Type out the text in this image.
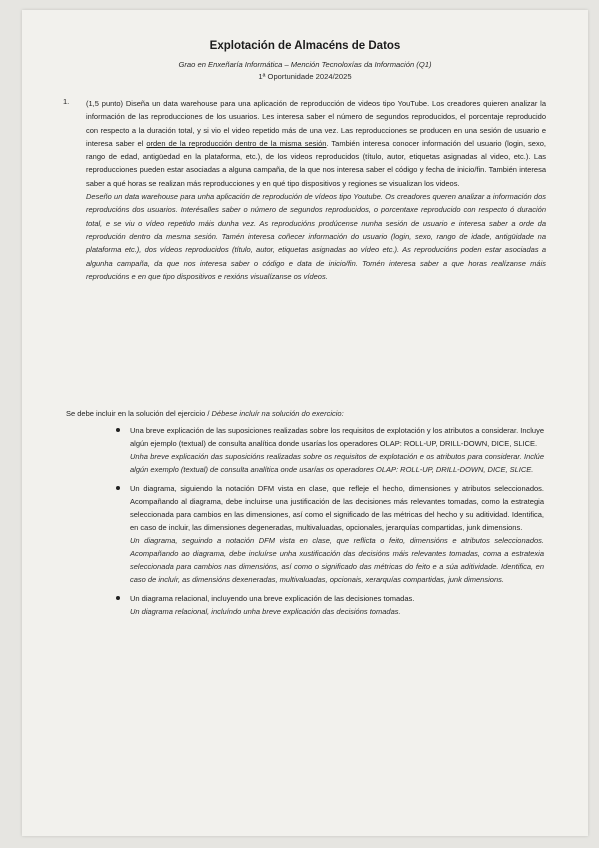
Explotación de Almacéns de Datos
Grao en Enxeñaría Informática – Mención Tecnoloxías da Información (Q1)
1ª Oportunidade 2024/2025
1. (1,5 punto) Diseña un data warehouse para una aplicación de reproducción de videos tipo YouTube. Los creadores quieren analizar la información de las reproducciones de los usuarios. Les interesa saber el número de segundos reproducidos, el porcentaje reproducido con respecto a la duración total, y si vio el video repetido más de una vez. Las reproducciones se producen en una sesión de usuario e interesa saber el orden de la reproducción dentro de la misma sesión. También interesa conocer información del usuario (login, sexo, rango de edad, antigüedad en la plataforma, etc.), de los videos reproducidos (título, autor, etiquetas asignadas al video, etc.). Las reproducciones pueden estar asociadas a alguna campaña, de la que nos interesa saber el código y fecha de inicio/fin. También interesa saber a qué horas se realizan más reproducciones y en qué tipo dispositivos y regiones se visualizan los videos.

Deseño un data warehouse para unha aplicación de reprodución de vídeos tipo Youtube. Os creadores queren analizar a información dos reproducións dos usuarios. Interésalles saber o número de segundos reproducidos, o porcentaxe reproducido con respecto ó duración total, e se viu o vídeo repetido máis dunha vez. As reproducións prodúcense nunha sesión de usuario e interesa saber a orde da reprodución dentro da mesma sesión. Tamén interesa coñecer información do usuario (login, sexo, rango de idade, antigüidade na plataforma etc.), dos vídeos reproducidos (título, autor, etiquetas asignadas ao vídeo etc.). As reproducións poden estar asociadas a algunha campaña, da que nos interesa saber o código e data de inicio/fin. Tomén interesa saber a que horas realízanse máis reproducións e en que tipo dispositivos e rexións visualízanse os vídeos.

Se debe incluir en la solución del ejercicio / Débese incluír na solución do exercicio:

Una breve explicación de las suposiciones realizadas sobre los requisitos de explotación y los atributos a considerar. Incluye algún ejemplo (textual) de consulta analítica donde usarías los operadores OLAP: ROLL-UP, DRILL-DOWN, DICE, SLICE.

Unha breve explicación das suposicións realizadas sobre os requisitos de explotación e os atributos para considerar. Inclúe algún exemplo (textual) de consulta analítica onde usarías os operadores OLAP: ROLL-UP, DRILL-DOWN, DICE, SLICE.

Un diagrama, siguiendo la notación DFM vista en clase, que refleje el hecho, dimensiones y atributos seleccionados. Acompañando al diagrama, debe incluirse una justificación de las decisiones más relevantes tomadas, como la estrategia seleccionada para cambios en las dimensiones, así como el significado de las métricas del hecho y su aditividad. Identifica, en caso de incluir, las dimensiones degeneradas, multivaluadas, opcionales, jerarquías compartidas, junk dimensions.

Un diagrama, seguindo a notación DFM vista en clase, que reflicta o feito, dimensións e atributos seleccionados. Acompañando ao diagrama, debe incluírse unha xustificación das decisións máis relevantes tomadas, coma a estratexia seleccionada para cambios nas dimensións, así como o significado das métricas do feito e a súa aditividade. Identifica, en caso de incluír, as dimensións dexeneradas, multivaluadas, opcionais, xerarquías compartidas, junk dimensions.

Un diagrama relacional, incluyendo una breve explicación de las decisiones tomadas.

Un diagrama relacional, incluíndo unha breve explicación das decisións tomadas.
